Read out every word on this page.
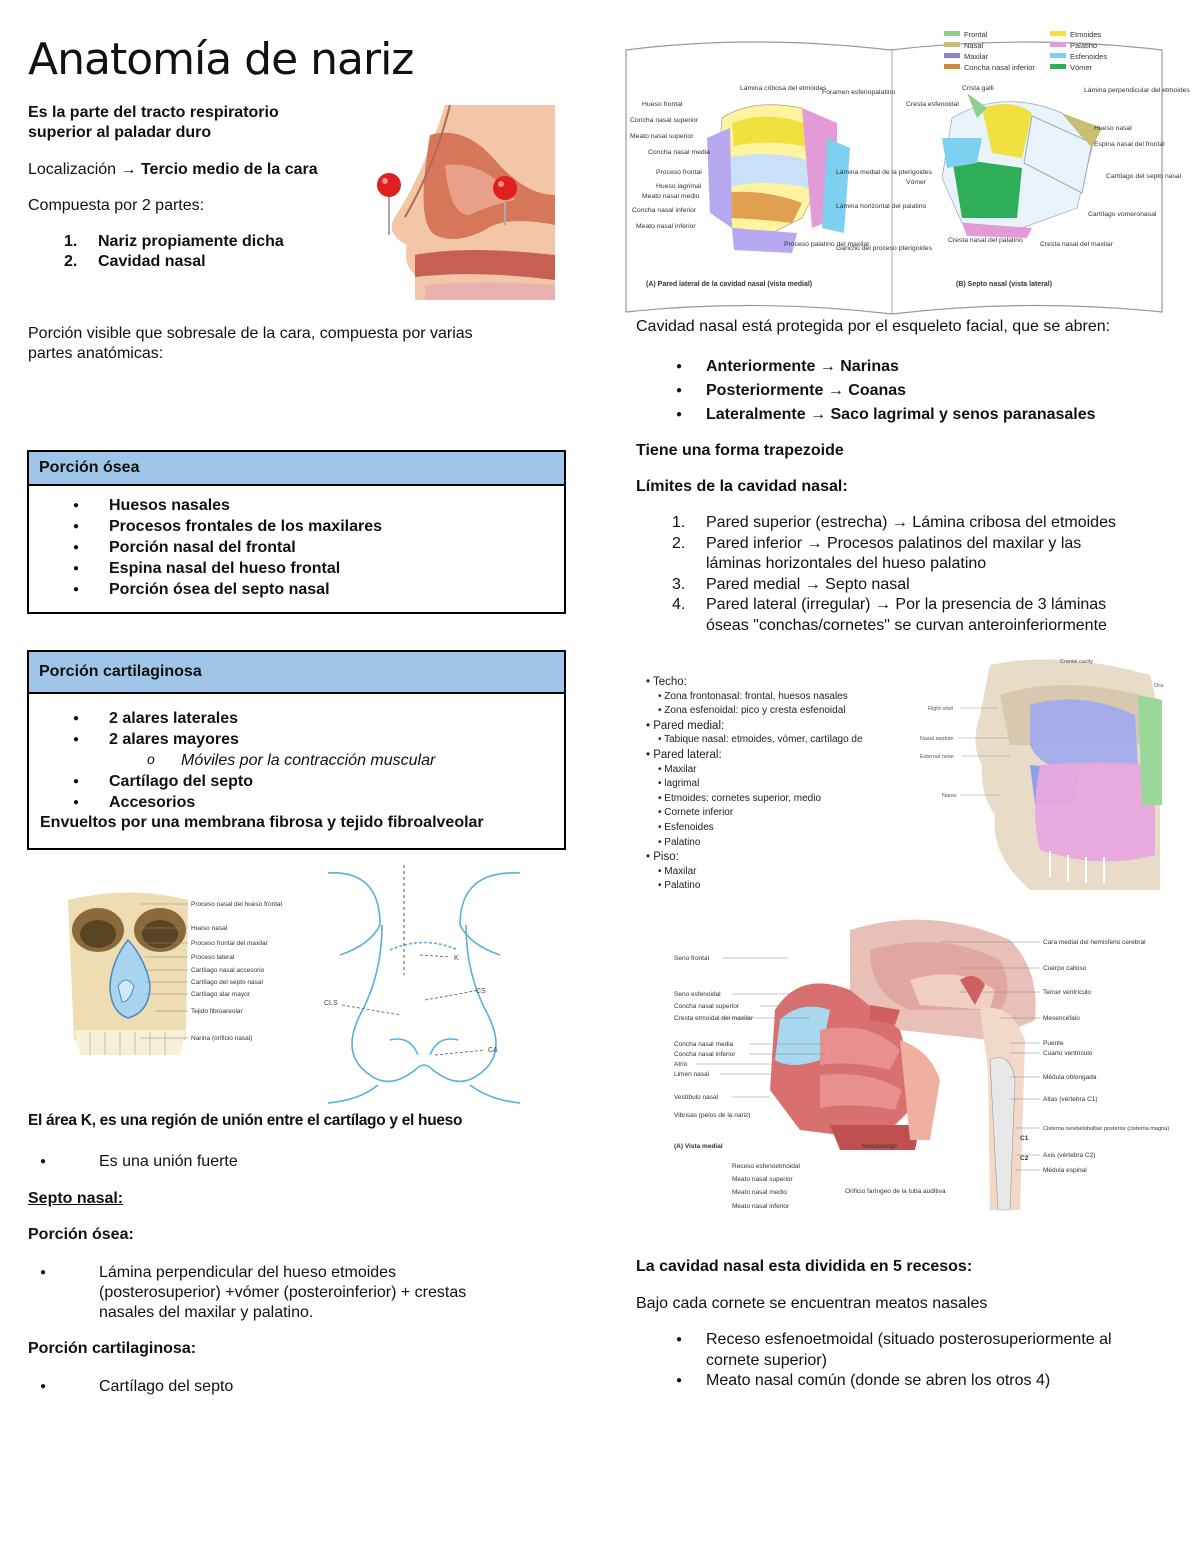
Anatomía de nariz
Es la parte del tracto respiratorio
superior al paladar duro
Localización → Tercio medio de la cara
Compuesta por 2 partes:
1. Nariz propiamente dicha
2. Cavidad nasal
Porción visible que sobresale de la cara, compuesta por varias
partes anatómicas:
Porción ósea
● Huesos nasales
● Procesos frontales de los maxilares
● Porción nasal del frontal
● Espina nasal del hueso frontal
● Porción ósea del septo nasal
Porción cartilaginosa
● 2 alares laterales
● 2 alares mayores
o Móviles por la contracción muscular
● Cartílago del septo
● Accesorios
Envueltos por una membrana fibrosa y tejido fibroalveolar
Proceso nasal del hueso frontal
Hueso nasal
Proceso frontal del maxilar
Proceso lateral
Cartílago nasal accesorio
Cartílago del septo nasal
Cartílago alar mayor
Tejido fibroareolar
Narina (orificio nasal)
K
CS
CLS
CA
El área K, es una región de unión entre el cartílago y el hueso
● Es una unión fuerte
Septo nasal:
Porción ósea:
● Lámina perpendicular del hueso etmoides
(posterosuperior) +vómer (posteroinferior) + crestas
nasales del maxilar y palatino.
Porción cartilaginosa:
● Cartílago del septo
Frontal
Nasal
Maxilar
Concha nasal inferior
Etmoides
Palatino
Esfenoides
Vómer
Hueso frontal
Concha nasal superior
Meato nasal superior
Concha nasal media
Proceso frontal
Hueso lagrimal
Meato nasal medio
Concha nasal inferior
Meato nasal inferior
Lámina cribosa del etmoides
Foramen esfenopalatino
Lámina medial de la pterigoides
Lámina horizontal del palatino
Gancho del proceso pterigoides
Proceso palatino del maxilar
Crista galli
Cresta esfenoidal
Lámina perpendicular del etmoides
Hueso nasal
Espina nasal del frontal
Cartílago del septo nasal
Vómer
Cartílago vomeronasal
Cresta nasal del palatino
Cresta nasal del maxilar
(A) Pared lateral de la cavidad nasal (vista medial)	(B) Septo nasal (vista lateral)
Cavidad nasal está protegida por el esqueleto facial, que se abren:
● Anteriormente → Narinas
● Posteriormente → Coanas
● Lateralmente → Saco lagrimal y senos paranasales
Tiene una forma trapezoide
Límites de la cavidad nasal:
1. Pared superior (estrecha) → Lámina cribosa del etmoides
2. Pared inferior → Procesos palatinos del maxilar y las
láminas horizontales del hueso palatino
3. Pared medial → Septo nasal
4. Pared lateral (irregular) → Por la presencia de 3 láminas
óseas "conchas/cornetes" se curvan anteroinferiormente
• Techo:
• Zona frontonasal: frontal, huesos nasales
• Zona esfenoidal: pico y cresta esfenoidal
• Pared medial:
• Tabique nasal: etmoides, vómer, cartílago de
• Pared lateral:
• Maxilar
• lagrimal
• Etmoides: cornetes superior, medio
• Cornete inferior
• Esfenoides
• Palatino
• Piso:
• Maxilar
• Palatino
Cranial cavity
Right orbit
Nasal septum
External nose
Nares
Ora
Seno frontal
Seno esfenoidal
Concha nasal superior
Cresta etmoidal del maxilar
Concha nasal media
Concha nasal inferior
Atrio
Limen nasal
Vestíbulo nasal
Vibrisas (pelos de la nariz)
(A) Vista medial
Cara medial del hemisferio cerebral
Cuerpo calloso
Tercer ventrículo
Mesencéfalo
Puente
Cuarto ventrículo
Médula oblongada
Atlas (vértebra C1)
Cisterna cerebelobulbar posterior (cisterna magna)
Axis (vértebra C2)
Médula espinal
Receso esfenoetmoidal
Meato nasal superior
Meato nasal medio
Meato nasal inferior
Nasofaringe
Orificio faríngeo de la tuba auditiva
C1
C2
La cavidad nasal esta dividida en 5 recesos:
Bajo cada cornete se encuentran meatos nasales
● Receso esfenoetmoidal (situado posterosuperiormente al
cornete superior)
● Meato nasal común (donde se abren los otros 4)
